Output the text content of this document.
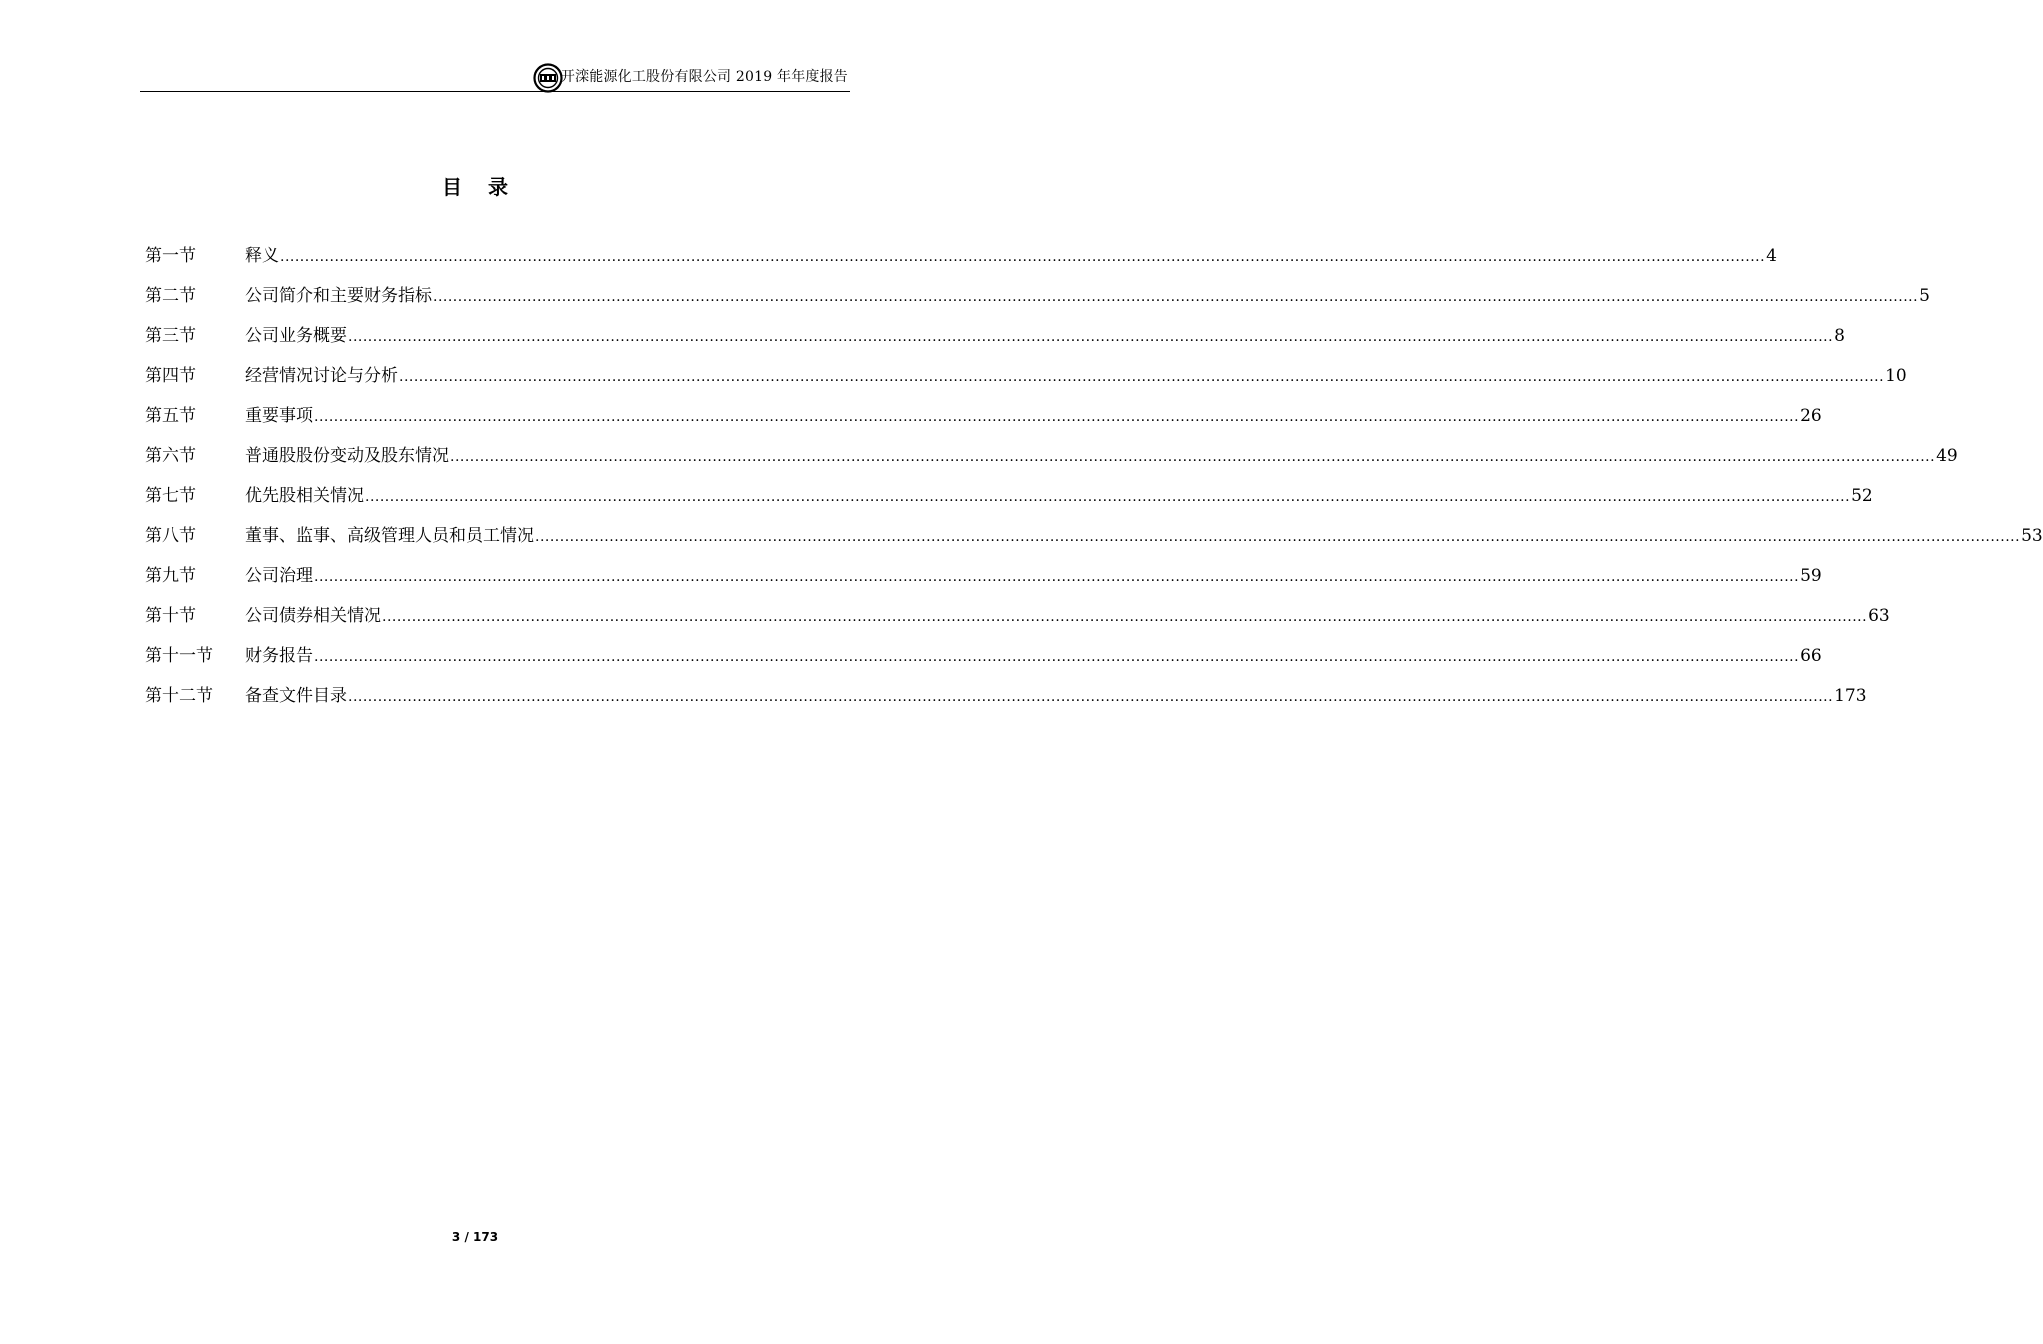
开滦能源化工股份有限公司 2019 年年度报告
目 录
第一节	释义 ............................................................................................................................................................................................................................................................................................................ 4
第二节	公司简介和主要财务指标 ............................................................................................................................................................................................................................................................................................................ 5
第三节	公司业务概要 ............................................................................................................................................................................................................................................................................................................ 8
第四节	经营情况讨论与分析 ............................................................................................................................................................................................................................................................................................................ 10
第五节	重要事项 ............................................................................................................................................................................................................................................................................................................ 26
第六节	普通股股份变动及股东情况 ............................................................................................................................................................................................................................................................................................................ 49
第七节	优先股相关情况 ............................................................................................................................................................................................................................................................................................................ 52
第八节	董事、监事、高级管理人员和员工情况 ............................................................................................................................................................................................................................................................................................................ 53
第九节	公司治理 ............................................................................................................................................................................................................................................................................................................ 59
第十节	公司债券相关情况 ............................................................................................................................................................................................................................................................................................................ 63
第十一节	财务报告 ............................................................................................................................................................................................................................................................................................................ 66
第十二节	备查文件目录 ............................................................................................................................................................................................................................................................................................................ 173
3 / 173
